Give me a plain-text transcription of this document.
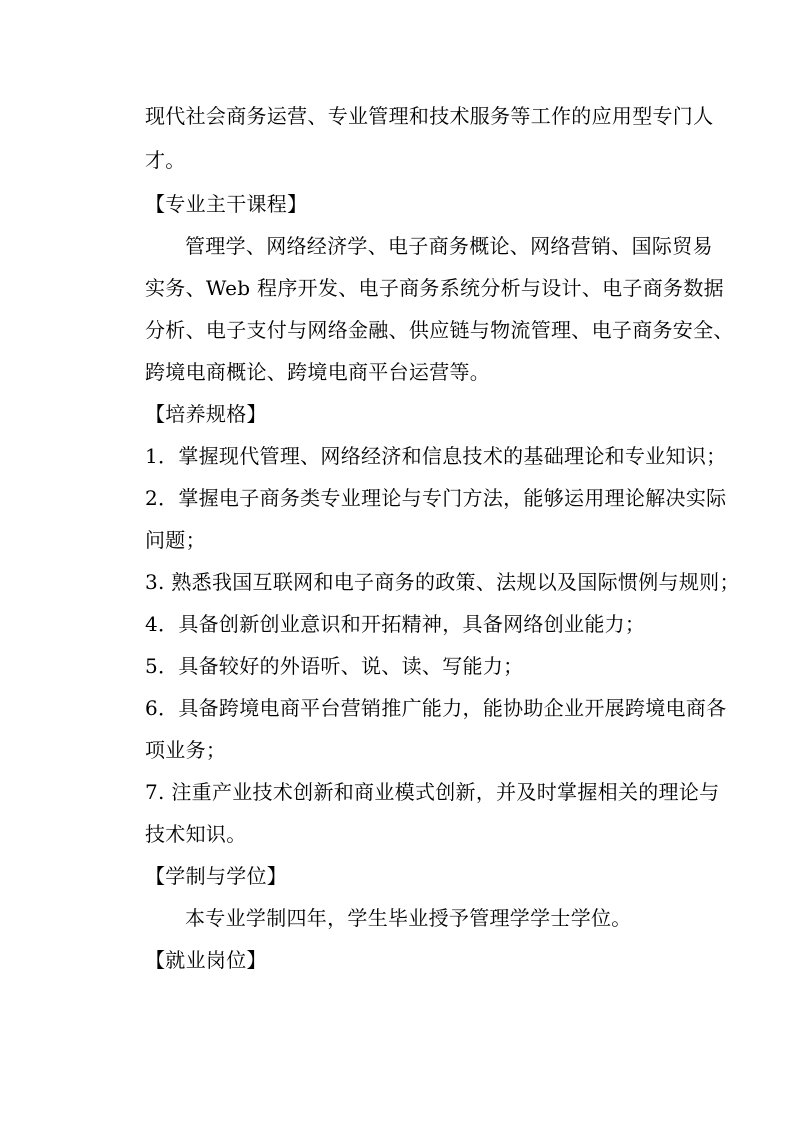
现代社会商务运营、专业管理和技术服务等工作的应用型专门人
才。
【专业主干课程】
管理学、网络经济学、电子商务概论、网络营销、国际贸易
实务、Web 程序开发、电子商务系统分析与设计、电子商务数据
分析、电子支付与网络金融、供应链与物流管理、电子商务安全、
跨境电商概论、跨境电商平台运营等。
【培养规格】
1．掌握现代管理、网络经济和信息技术的基础理论和专业知识；
2．掌握电子商务类专业理论与专门方法，能够运用理论解决实际
问题；
3. 熟悉我国互联网和电子商务的政策、法规以及国际惯例与规则；
4．具备创新创业意识和开拓精神，具备网络创业能力；
5．具备较好的外语听、说、读、写能力；
6．具备跨境电商平台营销推广能力，能协助企业开展跨境电商各
项业务；
7. 注重产业技术创新和商业模式创新，并及时掌握相关的理论与
技术知识。
【学制与学位】
本专业学制四年，学生毕业授予管理学学士学位。
【就业岗位】
